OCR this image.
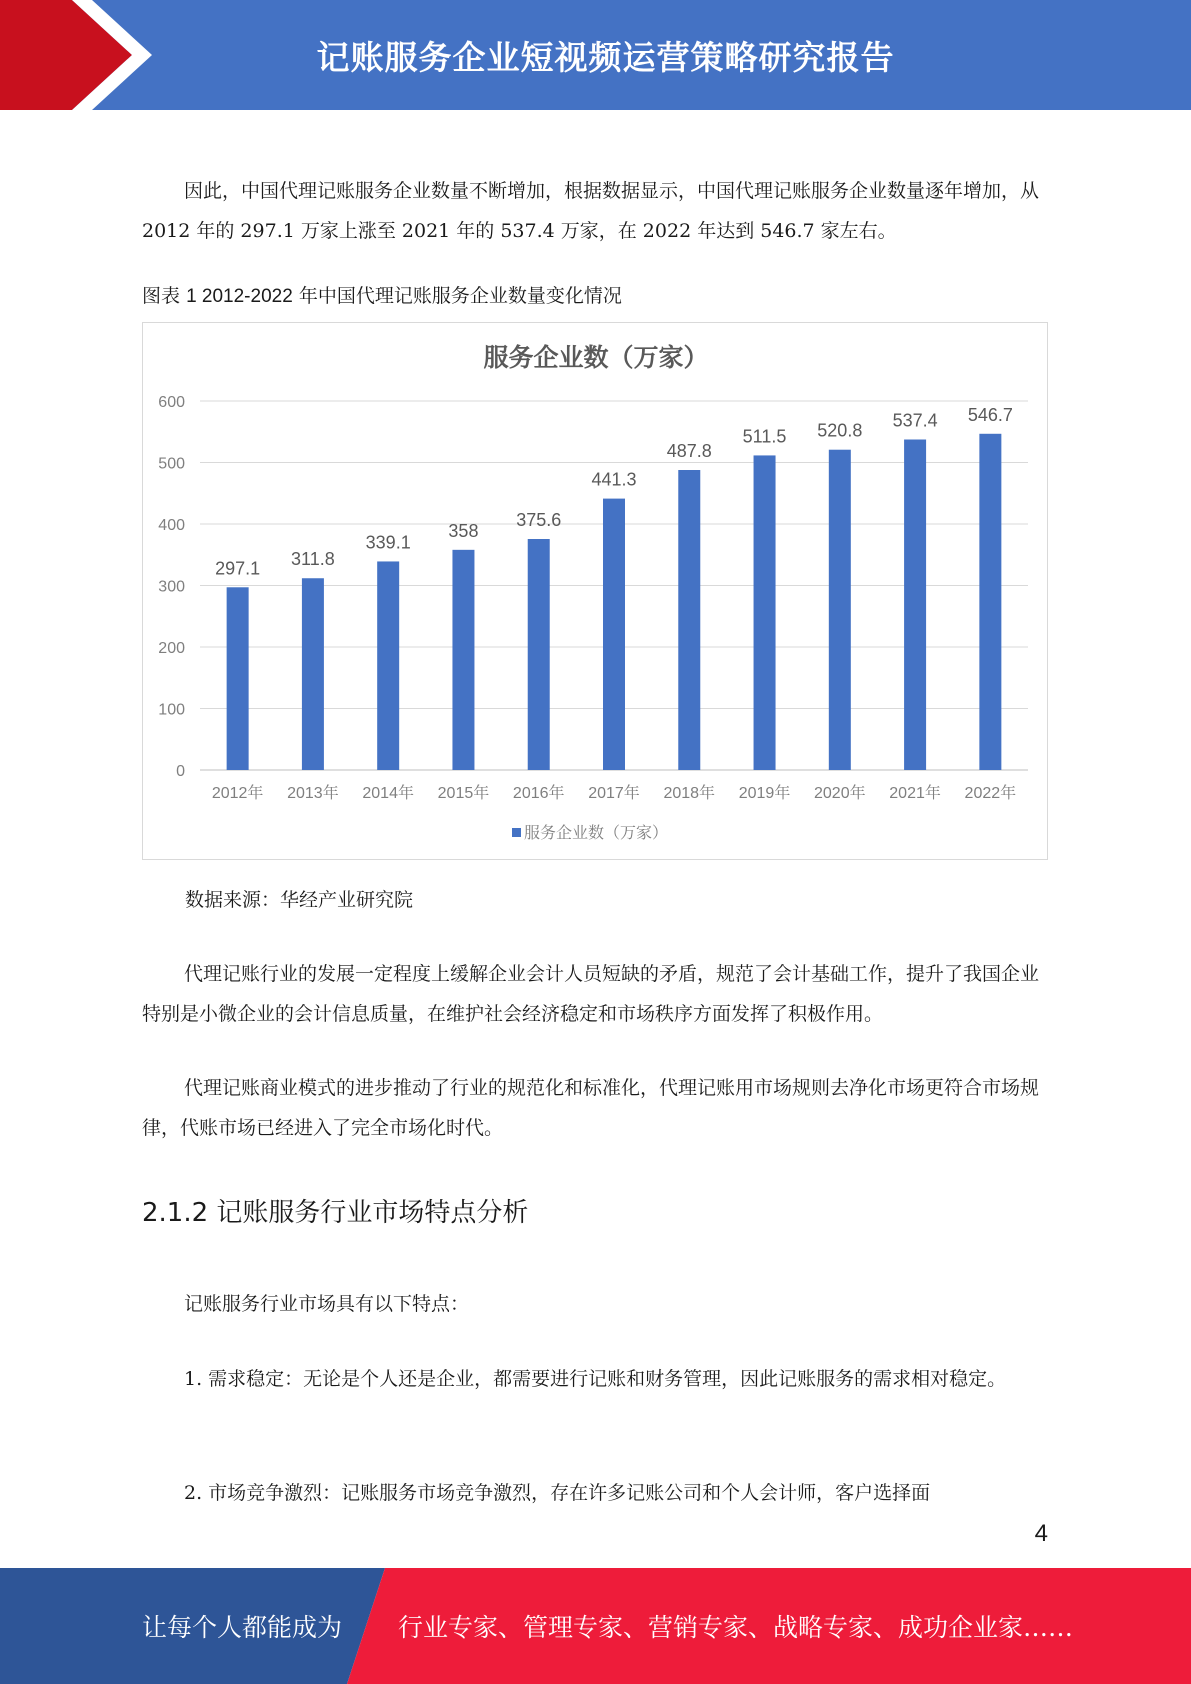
记账服务企业短视频运营策略研究报告

因此，中国代理记账服务企业数量不断增加，根据数据显示，中国代理记账服务企业数量逐年增加，从 2012 年的 297.1 万家上涨至 2021 年的 537.4 万家，在 2022 年达到 546.7 家左右。

图表 1 2012-2022 年中国代理记账服务企业数量变化情况
服务企业数（万家）
0
100
200
300
400
500
600
297.1
2012年
311.8
2013年
339.1
2014年
358
2015年
375.6
2016年
441.3
2017年
487.8
2018年
511.5
2019年
520.8
2020年
537.4
2021年
546.7
2022年
服务企业数（万家）
数据来源：华经产业研究院

代理记账行业的发展一定程度上缓解企业会计人员短缺的矛盾，规范了会计基础工作，提升了我国企业特别是小微企业的会计信息质量，在维护社会经济稳定和市场秩序方面发挥了积极作用。

代理记账商业模式的进步推动了行业的规范化和标准化，代理记账用市场规则去净化市场更符合市场规律，代账市场已经进入了完全市场化时代。

2.1.2 记账服务行业市场特点分析

记账服务行业市场具有以下特点：

1. 需求稳定：无论是个人还是企业，都需要进行记账和财务管理，因此记账服务的需求相对稳定。

2. 市场竞争激烈：记账服务市场竞争激烈，存在许多记账公司和个人会计师，客户选择面

4
让每个人都能成为 行业专家、管理专家、营销专家、战略专家、成功企业家……
